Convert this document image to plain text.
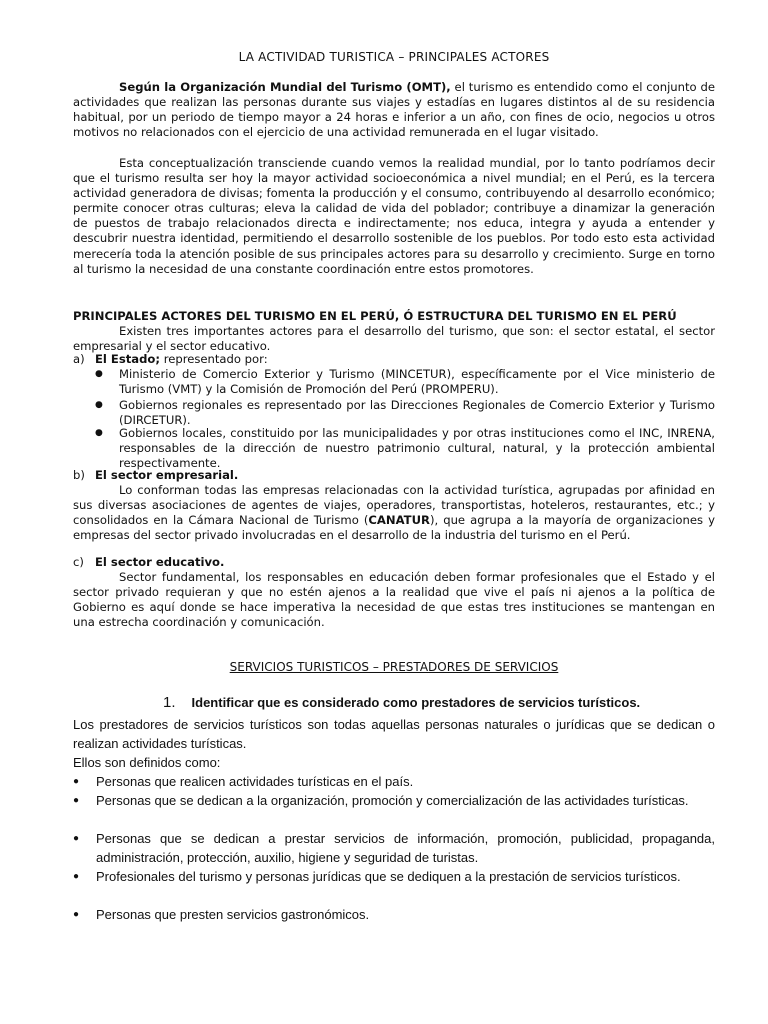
LA ACTIVIDAD TURISTICA – PRINCIPALES ACTORES
Según la Organización Mundial del Turismo (OMT), el turismo es entendido como el conjunto de actividades que realizan las personas durante sus viajes y estadías en lugares distintos al de su residencia habitual, por un periodo de tiempo mayor a 24 horas e inferior a un año, con fines de ocio, negocios u otros motivos no relacionados con el ejercicio de una actividad remunerada en el lugar visitado.
Esta conceptualización transciende cuando vemos la realidad mundial, por lo tanto podríamos decir que el turismo resulta ser hoy la mayor actividad socioeconómica a nivel mundial; en el Perú, es la tercera actividad generadora de divisas; fomenta la producción y el consumo, contribuyendo al desarrollo económico; permite conocer otras culturas; eleva la calidad de vida del poblador; contribuye a dinamizar la generación de puestos de trabajo relacionados directa e indirectamente; nos educa, integra y ayuda a entender y descubrir nuestra identidad, permitiendo el desarrollo sostenible de los pueblos. Por todo esto esta actividad merecería toda la atención posible de sus principales actores para su desarrollo y crecimiento. Surge en torno al turismo la necesidad de una constante coordinación entre estos promotores.
PRINCIPALES ACTORES DEL TURISMO EN EL PERÚ, Ó ESTRUCTURA DEL TURISMO EN EL PERÚ
Existen tres importantes actores para el desarrollo del turismo, que son: el sector estatal, el sector empresarial y el sector educativo.
a) El Estado; representado por:
●	Ministerio de Comercio Exterior y Turismo (MINCETUR), específicamente por el Vice ministerio de Turismo (VMT) y la Comisión de Promoción del Perú (PROMPERU).
●	Gobiernos regionales es representado por las Direcciones Regionales de Comercio Exterior y Turismo (DIRCETUR).
●	Gobiernos locales, constituido por las municipalidades y por otras instituciones como el INC, INRENA, responsables de la dirección de nuestro patrimonio cultural, natural, y la protección ambiental respectivamente.
b) El sector empresarial.
Lo conforman todas las empresas relacionadas con la actividad turística, agrupadas por afinidad en sus diversas asociaciones de agentes de viajes, operadores, transportistas, hoteleros, restaurantes, etc.; y consolidados en la Cámara Nacional de Turismo (CANATUR), que agrupa a la mayoría de organizaciones y empresas del sector privado involucradas en el desarrollo de la industria del turismo en el Perú.
c) El sector educativo.
Sector fundamental, los responsables en educación deben formar profesionales que el Estado y el sector privado requieran y que no estén ajenos a la realidad que vive el país ni ajenos a la política de Gobierno es aquí donde se hace imperativa la necesidad de que estas tres instituciones se mantengan en una estrecha coordinación y comunicación.
SERVICIOS TURISTICOS – PRESTADORES DE SERVICIOS
1. Identificar que es considerado como prestadores de servicios turísticos.
Los prestadores de servicios turísticos son todas aquellas personas naturales o jurídicas que se dedican o realizan actividades turísticas.
Ellos son definidos como:
●	Personas que realicen actividades turísticas en el país.
●	Personas que se dedican a la organización, promoción y comercialización de las actividades turísticas.
●	Personas que se dedican a prestar servicios de información, promoción, publicidad, propaganda, administración, protección, auxilio, higiene y seguridad de turistas.
●	Profesionales del turismo y personas jurídicas que se dediquen a la prestación de servicios turísticos.
●	Personas que presten servicios gastronómicos.
